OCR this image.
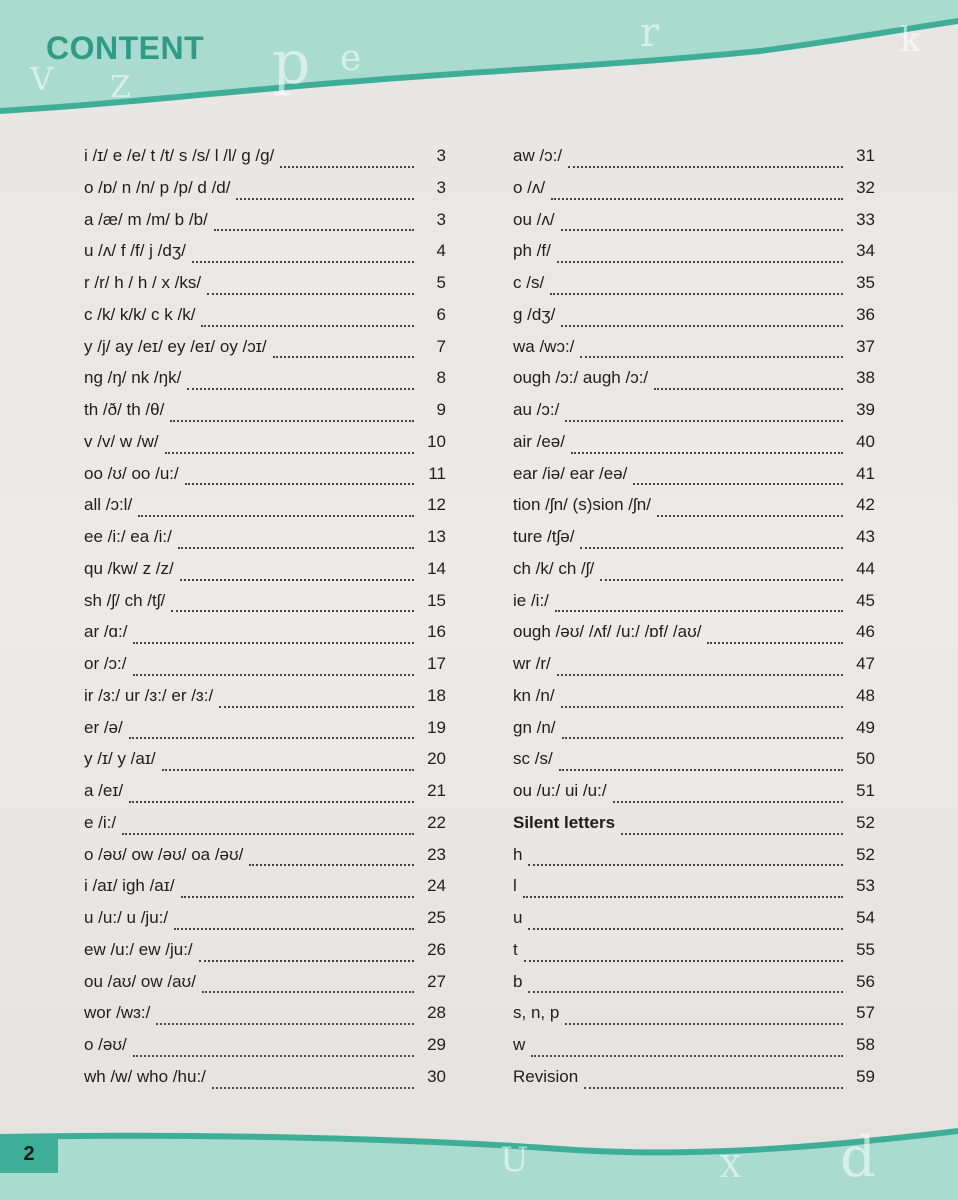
p e
r	k
V Z
CONTENT
i /ɪ/ e /e/ t /t/ s /s/ l /l/ g /g/	3
o /ɒ/ n /n/ p /p/ d /d/	3
a /æ/ m /m/ b /b/	3
u /ʌ/ f /f/ j /dʒ/	4
r /r/ h / h / x /ks/	5
c /k/ k/k/ c k /k/	6
y /j/ ay /eɪ/ ey /eɪ/ oy /ɔɪ/	7
ng /ŋ/ nk /ŋk/	8
th /ð/ th /θ/	9
v /v/ w /w/	10
oo /ʊ/ oo /u:/	11
all /ɔ:l/	12
ee /i:/ ea /i:/	13
qu /kw/ z /z/	14
sh /ʃ/ ch /tʃ/	15
ar /ɑ:/	16
or /ɔ:/	17
ir /ɜ:/ ur /ɜ:/ er /ɜ:/	18
er /ə/	19
y /ɪ/ y /aɪ/	20
a /eɪ/	21
e /i:/	22
o /əʊ/ ow /əʊ/ oa /əʊ/	23
i /aɪ/ igh /aɪ/	24
u /u:/ u /ju:/	25
ew /u:/ ew /ju:/	26
ou /aʊ/ ow /aʊ/	27
wor /wɜ:/	28
o /əʊ/	29
wh /w/ who /hu:/	30
aw /ɔ:/	31
o /ʌ/	32
ou /ʌ/	33
ph /f/	34
c /s/	35
g /dʒ/	36
wa /wɔ:/	37
ough /ɔ:/ augh /ɔ:/	38
au /ɔ:/	39
air /eə/	40
ear /iə/ ear /eə/	41
tion /ʃn/ (s)sion /ʃn/	42
ture /tʃə/	43
ch /k/ ch /ʃ/	44
ie /i:/	45
ough /əʊ/ /ʌf/ /u:/ /ɒf/ /aʊ/	46
wr /r/	47
kn /n/	48
gn /n/	49
sc /s/	50
ou /u:/ ui /u:/	51
Silent letters	52
h	52
l	53
u	54
t	55
b	56
s, n, p	57
w	58
Revision	59
U	d
X
2
